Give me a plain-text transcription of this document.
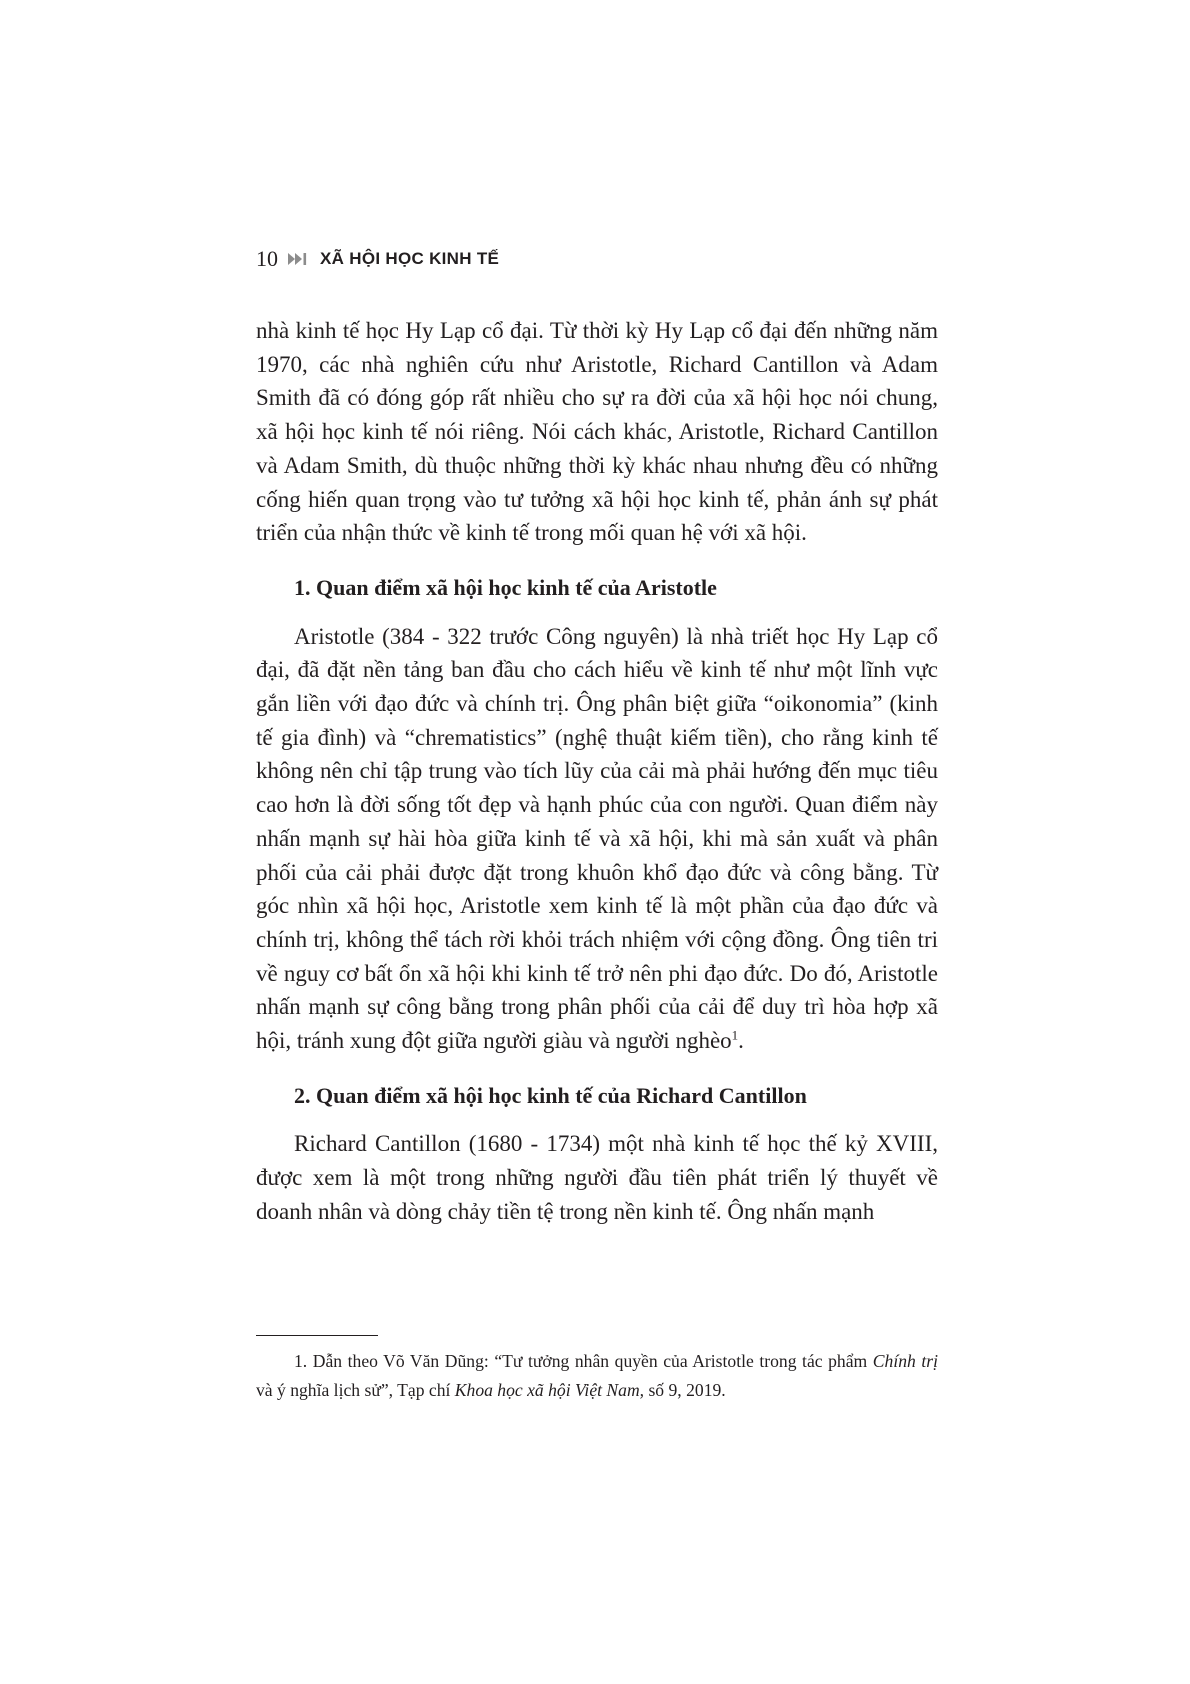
10 XÃ HỘI HỌC KINH TẾ

nhà kinh tế học Hy Lạp cổ đại. Từ thời kỳ Hy Lạp cổ đại đến những năm 1970, các nhà nghiên cứu như Aristotle, Richard Cantillon và Adam Smith đã có đóng góp rất nhiều cho sự ra đời của xã hội học nói chung, xã hội học kinh tế nói riêng. Nói cách khác, Aristotle, Richard Cantillon và Adam Smith, dù thuộc những thời kỳ khác nhau nhưng đều có những cống hiến quan trọng vào tư tưởng xã hội học kinh tế, phản ánh sự phát triển của nhận thức về kinh tế trong mối quan hệ với xã hội.

1. Quan điểm xã hội học kinh tế của Aristotle

Aristotle (384 - 322 trước Công nguyên) là nhà triết học Hy Lạp cổ đại, đã đặt nền tảng ban đầu cho cách hiểu về kinh tế như một lĩnh vực gắn liền với đạo đức và chính trị. Ông phân biệt giữa “oikonomia” (kinh tế gia đình) và “chrematistics” (nghệ thuật kiếm tiền), cho rằng kinh tế không nên chỉ tập trung vào tích lũy của cải mà phải hướng đến mục tiêu cao hơn là đời sống tốt đẹp và hạnh phúc của con người. Quan điểm này nhấn mạnh sự hài hòa giữa kinh tế và xã hội, khi mà sản xuất và phân phối của cải phải được đặt trong khuôn khổ đạo đức và công bằng. Từ góc nhìn xã hội học, Aristotle xem kinh tế là một phần của đạo đức và chính trị, không thể tách rời khỏi trách nhiệm với cộng đồng. Ông tiên tri về nguy cơ bất ổn xã hội khi kinh tế trở nên phi đạo đức. Do đó, Aristotle nhấn mạnh sự công bằng trong phân phối của cải để duy trì hòa hợp xã hội, tránh xung đột giữa người giàu và người nghèo$^1$.

2. Quan điểm xã hội học kinh tế của Richard Cantillon

Richard Cantillon (1680 - 1734) một nhà kinh tế học thế kỷ XVIII, được xem là một trong những người đầu tiên phát triển lý thuyết về doanh nhân và dòng chảy tiền tệ trong nền kinh tế. Ông nhấn mạnh

1. Dẫn theo Võ Văn Dũng: “Tư tưởng nhân quyền của Aristotle trong tác phẩm Chính trị và ý nghĩa lịch sử”, Tạp chí Khoa học xã hội Việt Nam, số 9, 2019.
